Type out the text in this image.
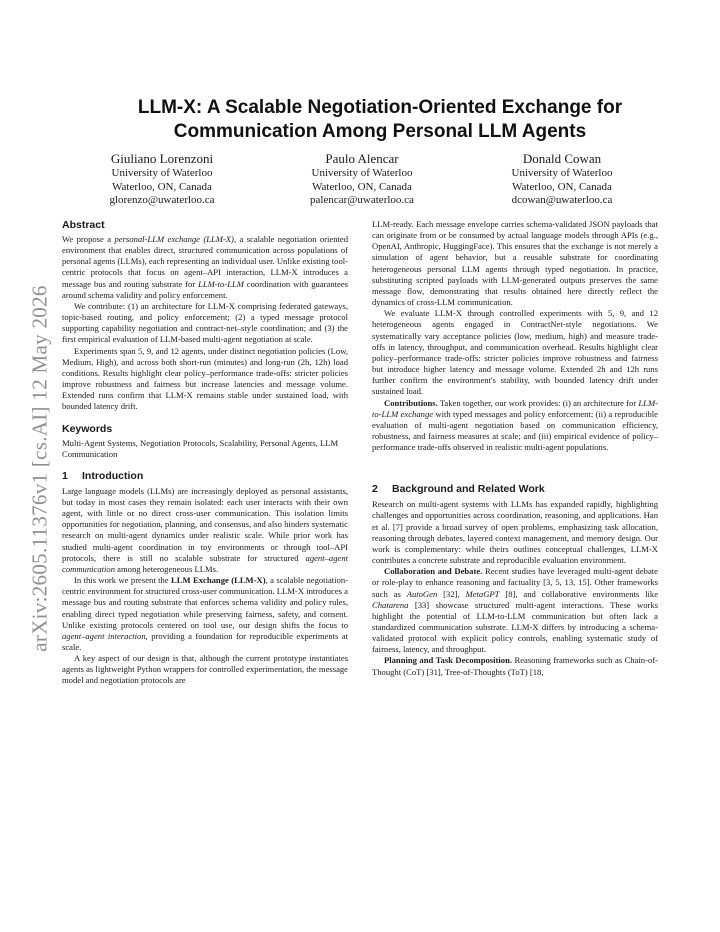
arXiv:2605.11376v1 [cs.AI] 12 May 2026
LLM-X: A Scalable Negotiation-Oriented Exchange for
Communication Among Personal LLM Agents
Giuliano Lorenzoni
University of Waterloo
Waterloo, ON, Canada
glorenzo@uwaterloo.ca
Paulo Alencar
University of Waterloo
Waterloo, ON, Canada
palencar@uwaterloo.ca
Donald Cowan
University of Waterloo
Waterloo, ON, Canada
dcowan@uwaterloo.ca
Abstract

We propose a personal-LLM exchange (LLM-X), a scalable negotiation oriented environment that enables direct, structured communication across populations of personal agents (LLMs), each representing an individual user. Unlike existing tool-centric protocols that focus on agent–API interaction, LLM-X introduces a message bus and routing substrate for LLM-to-LLM coordination with guarantees around schema validity and policy enforcement.

We contribute: (1) an architecture for LLM-X comprising federated gateways, topic-based routing, and policy enforcement; (2) a typed message protocol supporting capability negotiation and contract-net–style coordination; and (3) the first empirical evaluation of LLM-based multi-agent negotiation at scale.

Experiments span 5, 9, and 12 agents, under distinct negotiation policies (Low, Medium, High), and across both short-run (minutes) and long-run (2h, 12h) load conditions. Results highlight clear policy–performance trade-offs: stricter policies improve robustness and fairness but increase latencies and message volume. Extended runs confirm that LLM-X remains stable under sustained load, with bounded latency drift.

Keywords

Multi-Agent Systems, Negotiation Protocols, Scalability, Personal Agents, LLM Communication

1 Introduction

Large language models (LLMs) are increasingly deployed as personal assistants, but today in most cases they remain isolated: each user interacts with their own agent, with little or no direct cross-user communication. This isolation limits opportunities for negotiation, planning, and consensus, and also hinders systematic research on multi-agent dynamics under realistic scale. While prior work has studied multi-agent coordination in toy environments or through tool–API protocols, there is still no scalable substrate for structured agent–agent communication among heterogeneous LLMs.

In this work we present the LLM Exchange (LLM-X), a scalable negotiation-centric environment for structured cross-user communication. LLM-X introduces a message bus and routing substrate that enforces schema validity and policy rules, enabling direct typed negotiation while preserving fairness, safety, and consent. Unlike existing protocols centered on tool use, our design shifts the focus to agent–agent interaction, providing a foundation for reproducible experiments at scale.

A key aspect of our design is that, although the current prototype instantiates agents as lightweight Python wrappers for controlled experimentation, the message model and negotiation protocols are

LLM-ready. Each message envelope carries schema-validated JSON payloads that can originate from or be consumed by actual language models through APIs (e.g., OpenAI, Anthropic, HuggingFace). This ensures that the exchange is not merely a simulation of agent behavior, but a reusable substrate for coordinating heterogeneous personal LLM agents through typed negotiation. In practice, substituting scripted payloads with LLM-generated outputs preserves the same message flow, demonstrating that results obtained here directly reflect the dynamics of cross-LLM communication.

We evaluate LLM-X through controlled experiments with 5, 9, and 12 heterogeneous agents engaged in ContractNet-style negotiations. We systematically vary acceptance policies (low, medium, high) and measure trade-offs in latency, throughput, and communication overhead. Results highlight clear policy–performance trade-offs: stricter policies improve robustness and fairness but introduce higher latency and message volume. Extended 2h and 12h runs further confirm the environment's stability, with bounded latency drift under sustained load.

Contributions. Taken together, our work provides: (i) an architecture for LLM-to-LLM exchange with typed messages and policy enforcement; (ii) a reproducible evaluation of multi-agent negotiation based on communication efficiency, robustness, and fairness measures at scale; and (iii) empirical evidence of policy–performance trade-offs observed in realistic multi-agent populations.

2 Background and Related Work

Research on multi-agent systems with LLMs has expanded rapidly, highlighting challenges and opportunities across coordination, reasoning, and applications. Han et al. [7] provide a broad survey of open problems, emphasizing task allocation, reasoning through debates, layered context management, and memory design. Our work is complementary: while theirs outlines conceptual challenges, LLM-X contributes a concrete substrate and reproducible evaluation environment.

Collaboration and Debate. Recent studies have leveraged multi-agent debate or role-play to enhance reasoning and factuality [3, 5, 13, 15]. Other frameworks such as AutoGen [32], MetaGPT [8], and collaborative environments like Chatarena [33] showcase structured multi-agent interactions. These works highlight the potential of LLM-to-LLM communication but often lack a standardized communication substrate. LLM-X differs by introducing a schema-validated protocol with explicit policy controls, enabling systematic study of fairness, latency, and throughput.

Planning and Task Decomposition. Reasoning frameworks such as Chain-of-Thought (CoT) [31], Tree-of-Thoughts (ToT) [18,
